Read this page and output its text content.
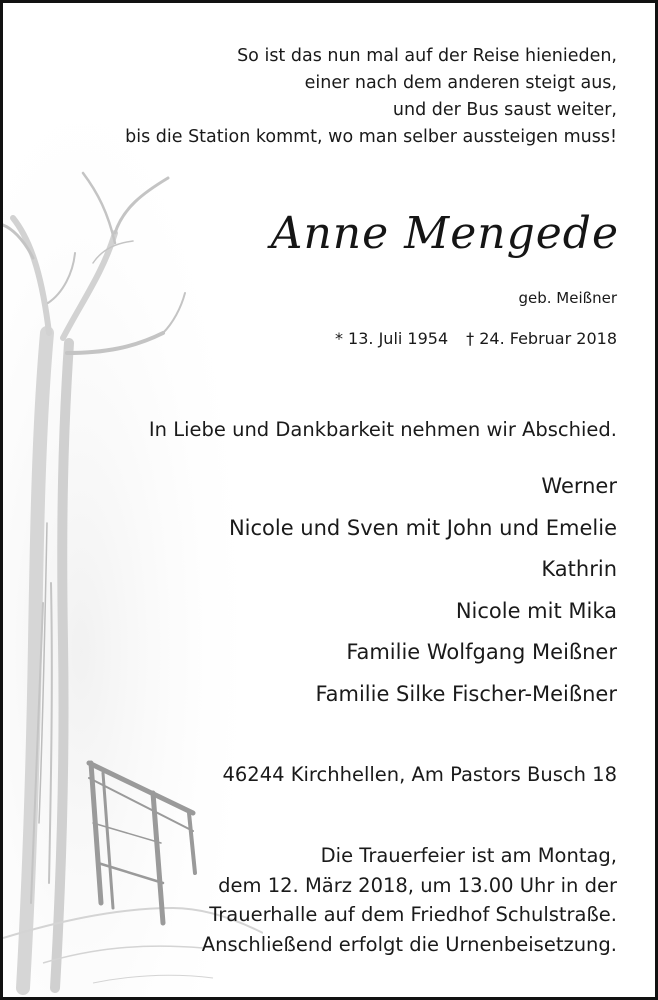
So ist das nun mal auf der Reise hienieden,
einer nach dem anderen steigt aus,
und der Bus saust weiter,
bis die Station kommt, wo man selber aussteigen muss!
Anne Mengede
geb. Meißner
* 13. Juli 1954 † 24. Februar 2018
In Liebe und Dankbarkeit nehmen wir Abschied.
Werner
Nicole und Sven mit John und Emelie
Kathrin
Nicole mit Mika
Familie Wolfgang Meißner
Familie Silke Fischer-Meißner
46244 Kirchhellen, Am Pastors Busch 18
Die Trauerfeier ist am Montag,
dem 12. März 2018, um 13.00 Uhr in der
Trauerhalle auf dem Friedhof Schulstraße.
Anschließend erfolgt die Urnenbeisetzung.
